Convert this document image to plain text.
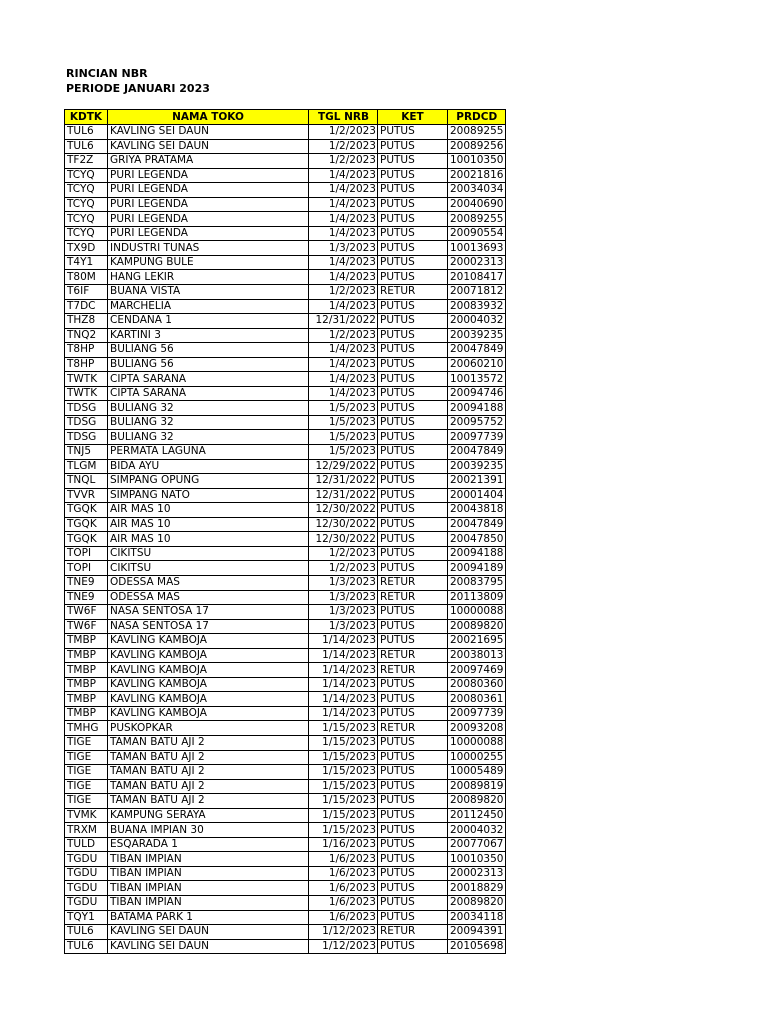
RINCIAN NBR
PERIODE JANUARI 2023
KDTK	NAMA TOKO	TGL NRB	KET	PRDCD
TUL6	KAVLING SEI DAUN	1/2/2023	PUTUS	20089255
TUL6	KAVLING SEI DAUN	1/2/2023	PUTUS	20089256
TF2Z	GRIYA PRATAMA	1/2/2023	PUTUS	10010350
TCYQ	PURI LEGENDA	1/4/2023	PUTUS	20021816
TCYQ	PURI LEGENDA	1/4/2023	PUTUS	20034034
TCYQ	PURI LEGENDA	1/4/2023	PUTUS	20040690
TCYQ	PURI LEGENDA	1/4/2023	PUTUS	20089255
TCYQ	PURI LEGENDA	1/4/2023	PUTUS	20090554
TX9D	INDUSTRI TUNAS	1/3/2023	PUTUS	10013693
T4Y1	KAMPUNG BULE	1/4/2023	PUTUS	20002313
T80M	HANG LEKIR	1/4/2023	PUTUS	20108417
T6IF	BUANA VISTA	1/2/2023	RETUR	20071812
T7DC	MARCHELIA	1/4/2023	PUTUS	20083932
THZ8	CENDANA 1	12/31/2022	PUTUS	20004032
TNQ2	KARTINI 3	1/2/2023	PUTUS	20039235
T8HP	BULIANG 56	1/4/2023	PUTUS	20047849
T8HP	BULIANG 56	1/4/2023	PUTUS	20060210
TWTK	CIPTA SARANA	1/4/2023	PUTUS	10013572
TWTK	CIPTA SARANA	1/4/2023	PUTUS	20094746
TDSG	BULIANG 32	1/5/2023	PUTUS	20094188
TDSG	BULIANG 32	1/5/2023	PUTUS	20095752
TDSG	BULIANG 32	1/5/2023	PUTUS	20097739
TNJ5	PERMATA LAGUNA	1/5/2023	PUTUS	20047849
TLGM	BIDA AYU	12/29/2022	PUTUS	20039235
TNQL	SIMPANG OPUNG	12/31/2022	PUTUS	20021391
TVVR	SIMPANG NATO	12/31/2022	PUTUS	20001404
TGQK	AIR MAS 10	12/30/2022	PUTUS	20043818
TGQK	AIR MAS 10	12/30/2022	PUTUS	20047849
TGQK	AIR MAS 10	12/30/2022	PUTUS	20047850
TOPI	CIKITSU	1/2/2023	PUTUS	20094188
TOPI	CIKITSU	1/2/2023	PUTUS	20094189
TNE9	ODESSA MAS	1/3/2023	RETUR	20083795
TNE9	ODESSA MAS	1/3/2023	RETUR	20113809
TW6F	NASA SENTOSA 17	1/3/2023	PUTUS	10000088
TW6F	NASA SENTOSA 17	1/3/2023	PUTUS	20089820
TMBP	KAVLING KAMBOJA	1/14/2023	PUTUS	20021695
TMBP	KAVLING KAMBOJA	1/14/2023	RETUR	20038013
TMBP	KAVLING KAMBOJA	1/14/2023	RETUR	20097469
TMBP	KAVLING KAMBOJA	1/14/2023	PUTUS	20080360
TMBP	KAVLING KAMBOJA	1/14/2023	PUTUS	20080361
TMBP	KAVLING KAMBOJA	1/14/2023	PUTUS	20097739
TMHG	PUSKOPKAR	1/15/2023	RETUR	20093208
TIGE	TAMAN BATU AJI 2	1/15/2023	PUTUS	10000088
TIGE	TAMAN BATU AJI 2	1/15/2023	PUTUS	10000255
TIGE	TAMAN BATU AJI 2	1/15/2023	PUTUS	10005489
TIGE	TAMAN BATU AJI 2	1/15/2023	PUTUS	20089819
TIGE	TAMAN BATU AJI 2	1/15/2023	PUTUS	20089820
TVMK	KAMPUNG SERAYA	1/15/2023	PUTUS	20112450
TRXM	BUANA IMPIAN 30	1/15/2023	PUTUS	20004032
TULD	ESQARADA 1	1/16/2023	PUTUS	20077067
TGDU	TIBAN IMPIAN	1/6/2023	PUTUS	10010350
TGDU	TIBAN IMPIAN	1/6/2023	PUTUS	20002313
TGDU	TIBAN IMPIAN	1/6/2023	PUTUS	20018829
TGDU	TIBAN IMPIAN	1/6/2023	PUTUS	20089820
TQY1	BATAMA PARK 1	1/6/2023	PUTUS	20034118
TUL6	KAVLING SEI DAUN	1/12/2023	RETUR	20094391
TUL6	KAVLING SEI DAUN	1/12/2023	PUTUS	20105698
